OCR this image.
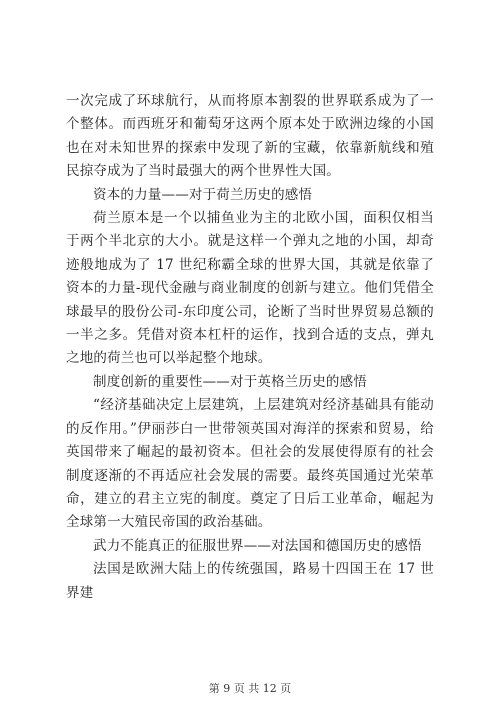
一次完成了环球航行，从而将原本割裂的世界联系成为了一个整体。而西班牙和葡萄牙这两个原本处于欧洲边缘的小国也在对未知世界的探索中发现了新的宝藏，依靠新航线和殖民掠夺成为了当时最强大的两个世界性大国。

资本的力量——对于荷兰历史的感悟

荷兰原本是一个以捕鱼业为主的北欧小国，面积仅相当于两个半北京的大小。就是这样一个弹丸之地的小国，却奇迹般地成为了 17 世纪称霸全球的世界大国，其就是依靠了资本的力量-现代金融与商业制度的创新与建立。他们凭借全球最早的股份公司-东印度公司，论断了当时世界贸易总额的一半之多。凭借对资本杠杆的运作，找到合适的支点，弹丸之地的荷兰也可以举起整个地球。

制度创新的重要性——对于英格兰历史的感悟

“经济基础决定上层建筑，上层建筑对经济基础具有能动的反作用。”伊丽莎白一世带领英国对海洋的探索和贸易，给英国带来了崛起的最初资本。但社会的发展使得原有的社会制度逐渐的不再适应社会发展的需要。最终英国通过光荣革命，建立的君主立宪的制度。奠定了日后工业革命，崛起为全球第一大殖民帝国的政治基础。

武力不能真正的征服世界——对法国和德国历史的感悟

法国是欧洲大陆上的传统强国，路易十四国王在 17 世界建

第 9 页 共 12 页
